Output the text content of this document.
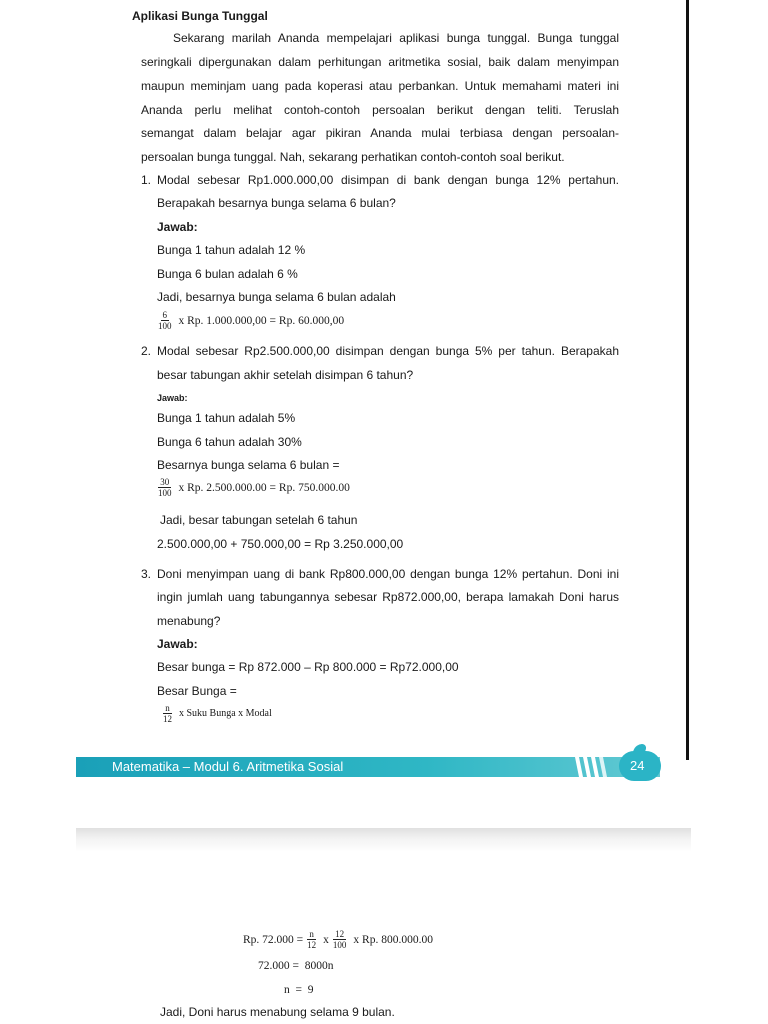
Aplikasi Bunga Tunggal
Sekarang marilah Ananda mempelajari aplikasi bunga tunggal. Bunga tunggal
seringkali dipergunakan dalam perhitungan aritmetika sosial, baik dalam menyimpan
maupun meminjam uang pada koperasi atau perbankan. Untuk memahami materi ini
Ananda perlu melihat contoh-contoh persoalan berikut dengan teliti. Teruslah
semangat dalam belajar agar pikiran Ananda mulai terbiasa dengan persoalan-
persoalan bunga tunggal. Nah, sekarang perhatikan contoh-contoh soal berikut.
1. Modal sebesar Rp1.000.000,00 disimpan di bank dengan bunga 12% pertahun.
Berapakah besarnya bunga selama 6 bulan?
Jawab:
Bunga 1 tahun adalah 12 %
Bunga 6 bulan adalah 6 %
Jadi, besarnya bunga selama 6 bulan adalah
$\frac{6}{100}$ x Rp. 1.000.000,00 = Rp. 60.000,00
2. Modal sebesar Rp2.500.000,00 disimpan dengan bunga 5% per tahun. Berapakah
besar tabungan akhir setelah disimpan 6 tahun?
Jawab:
Bunga 1 tahun adalah 5%
Bunga 6 tahun adalah 30%
Besarnya bunga selama 6 bulan =
$\frac{30}{100}$ x Rp. 2.500.000.00 = Rp. 750.000.00
Jadi, besar tabungan setelah 6 tahun
2.500.000,00 + 750.000,00 = Rp 3.250.000,00
3. Doni menyimpan uang di bank Rp800.000,00 dengan bunga 12% pertahun. Doni ini
ingin jumlah uang tabungannya sebesar Rp872.000,00, berapa lamakah Doni harus
menabung?
Jawab:
Besar bunga = Rp 872.000 – Rp 800.000 = Rp72.000,00
Besar Bunga =
$\frac{n}{12}$ x Suku Bunga x Modal
Matematika – Modul 6. Aritmetika Sosial	24
Rp. $72.000 = \frac{n}{12}$ x $\frac{12}{100}$ x Rp. 800.000.00
72.000 =  8000n
n  =  9
Jadi, Doni harus menabung selama 9 bulan.
